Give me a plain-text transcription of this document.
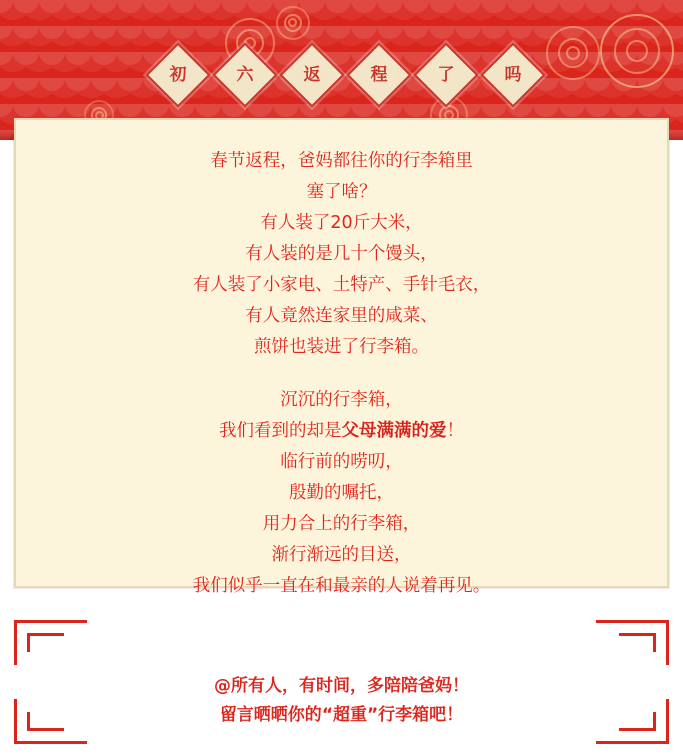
初	六	返	程	了	吗
春节返程，爸妈都往你的行李箱里
塞了啥？
有人装了20斤大米，
有人装的是几十个馒头，
有人装了小家电、土特产、手针毛衣，
有人竟然连家里的咸菜、
煎饼也装进了行李箱。
沉沉的行李箱，
我们看到的却是父母满满的爱！
临行前的唠叨，
殷勤的嘱托，
用力合上的行李箱，
渐行渐远的目送，
我们似乎一直在和最亲的人说着再见。
@所有人，有时间，多陪陪爸妈！
留言晒晒你的“超重”行李箱吧！
